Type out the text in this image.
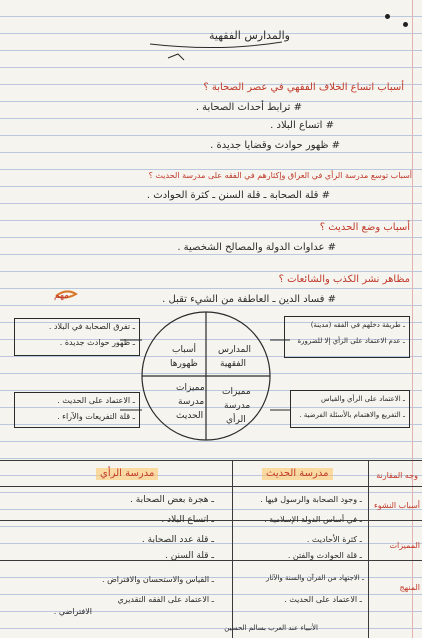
والمدارس الفقهية
أسباب اتساع الخلاف الفقهي في عصر الصحابة ؟
# ترابط أحداث الصحابة .
# اتساع البلاد .
# ظهور حوادث وقضايا جديدة .
أسباب توسع مدرسة الرأي في العراق وإكثارهم في الفقه على مدرسة الحديث ؟
# قلة الصحابة ـ قلة السنن ـ كثرة الحوادث .
أسباب وضع الحديث ؟
# عداوات الدولة والمصالح الشخصية .
مظاهر نشر الكذب والشائعات ؟
# فساد الدين ـ العاطفة من الشيء تقبل .
مهم
ـ تفرق الصحابة في البلاد .
ـ ظهور حوادث جديدة .
ـ طريقة دخلهم في الفقه (مدينة)
ـ عدم الاعتماد على الرأي إلا للضرورة
ـ الاعتماد على الحديث .
ـ قلة التفريعات والآراء .
ـ الاعتماد على الرأي والقياس
ـ التفريع والاهتمام بالأسئلة الفرضية .
أسباب
ظهورها
المدارس
الفقهية
مميزات
مدرسة
الحديث
مميزات
مدرسة
الرأي
مدرسة الرأي	مدرسة الحديث	وجه المقارنة
أسباب النشوء
المميزات
المنهج
ـ هجرة بعض الصحابة .
ـ اتساع البلاد .
ـ قلة عدد الصحابة .
ـ قلة السنن .
ـ القياس والاستحسان والافتراض .
ـ الاعتماد على الفقه التقديري
الافتراضي .
ـ وجود الصحابة والرسول فيها .
ـ في أساس الدولة الإسلامية .
ـ كثرة الأحاديث .
ـ قلة الحوادث والفتن .
ـ الاجتهاد من القرآن والسنة والآثار
ـ الاعتماد على الحديث .
الأنبياء عند العرب بسالم الحسين
